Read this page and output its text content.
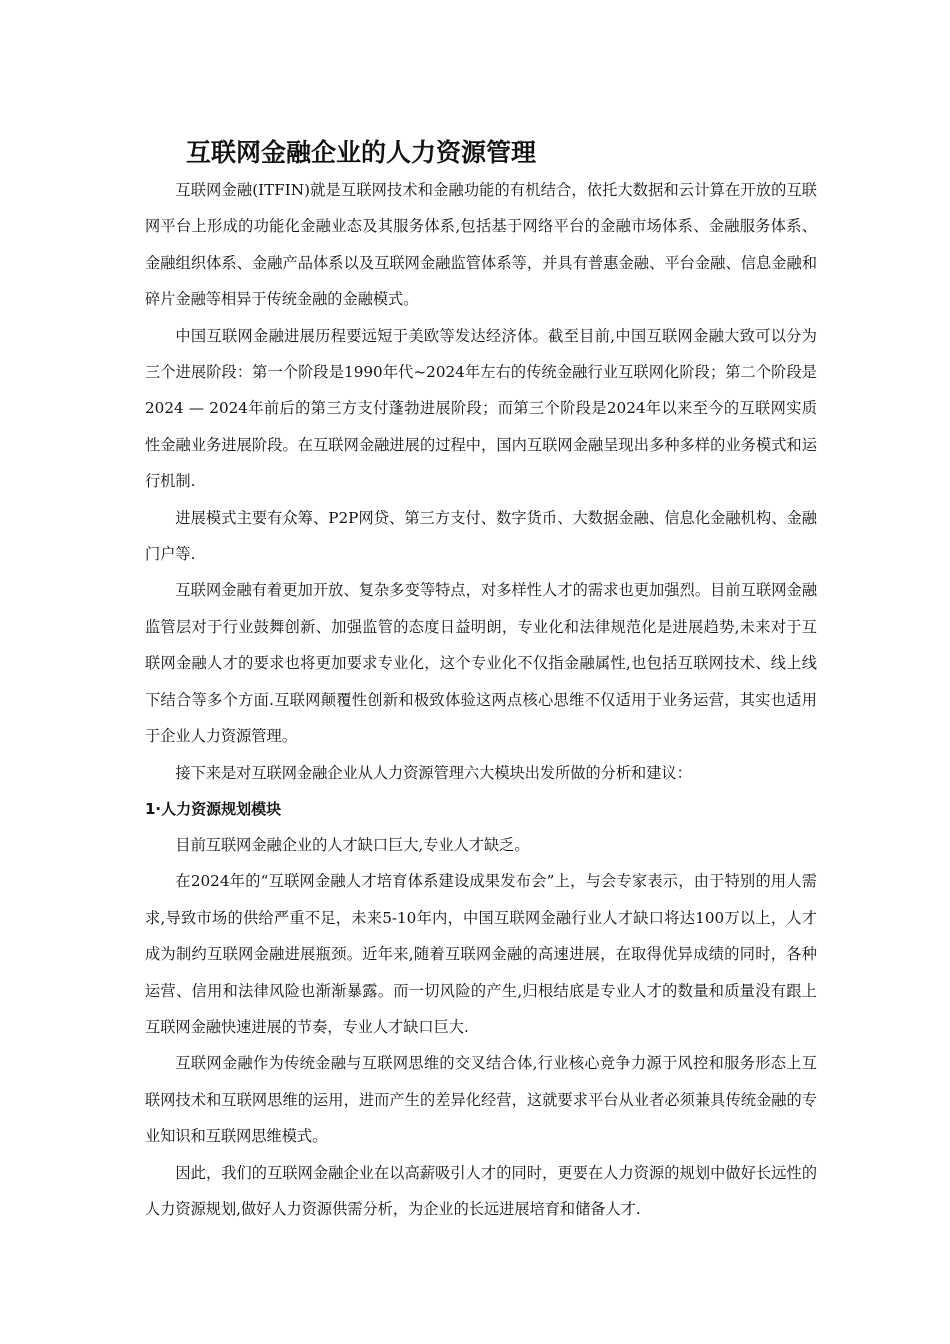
互联网金融企业的人力资源管理

互联网金融(ITFIN)就是互联网技术和金融功能的有机结合，依托大数据和云计算在开放的互联网平台上形成的功能化金融业态及其服务体系,包括基于网络平台的金融市场体系、金融服务体系、金融组织体系、金融产品体系以及互联网金融监管体系等，并具有普惠金融、平台金融、信息金融和碎片金融等相异于传统金融的金融模式。

中国互联网金融进展历程要远短于美欧等发达经济体。截至目前,中国互联网金融大致可以分为三个进展阶段：第一个阶段是1990年代~2024年左右的传统金融行业互联网化阶段；第二个阶段是2024 — 2024年前后的第三方支付蓬勃进展阶段；而第三个阶段是2024年以来至今的互联网实质性金融业务进展阶段。在互联网金融进展的过程中，国内互联网金融呈现出多种多样的业务模式和运行机制.

进展模式主要有众筹、P2P网贷、第三方支付、数字货币、大数据金融、信息化金融机构、金融门户等.

互联网金融有着更加开放、复杂多变等特点，对多样性人才的需求也更加强烈。目前互联网金融监管层对于行业鼓舞创新、加强监管的态度日益明朗，专业化和法律规范化是进展趋势,未来对于互联网金融人才的要求也将更加要求专业化，这个专业化不仅指金融属性,也包括互联网技术、线上线下结合等多个方面.互联网颠覆性创新和极致体验这两点核心思维不仅适用于业务运营，其实也适用于企业人力资源管理。

接下来是对互联网金融企业从人力资源管理六大模块出发所做的分析和建议：

1·人力资源规划模块

目前互联网金融企业的人才缺口巨大,专业人才缺乏。

在2024年的“互联网金融人才培育体系建设成果发布会”上，与会专家表示，由于特别的用人需求,导致市场的供给严重不足，未来5-10年内，中国互联网金融行业人才缺口将达100万以上，人才成为制约互联网金融进展瓶颈。近年来,随着互联网金融的高速进展，在取得优异成绩的同时，各种运营、信用和法律风险也渐渐暴露。而一切风险的产生,归根结底是专业人才的数量和质量没有跟上互联网金融快速进展的节奏，专业人才缺口巨大.

互联网金融作为传统金融与互联网思维的交叉结合体,行业核心竞争力源于风控和服务形态上互联网技术和互联网思维的运用，进而产生的差异化经营，这就要求平台从业者必须兼具传统金融的专业知识和互联网思维模式。

因此，我们的互联网金融企业在以高薪吸引人才的同时，更要在人力资源的规划中做好长远性的人力资源规划,做好人力资源供需分析，为企业的长远进展培育和储备人才.
